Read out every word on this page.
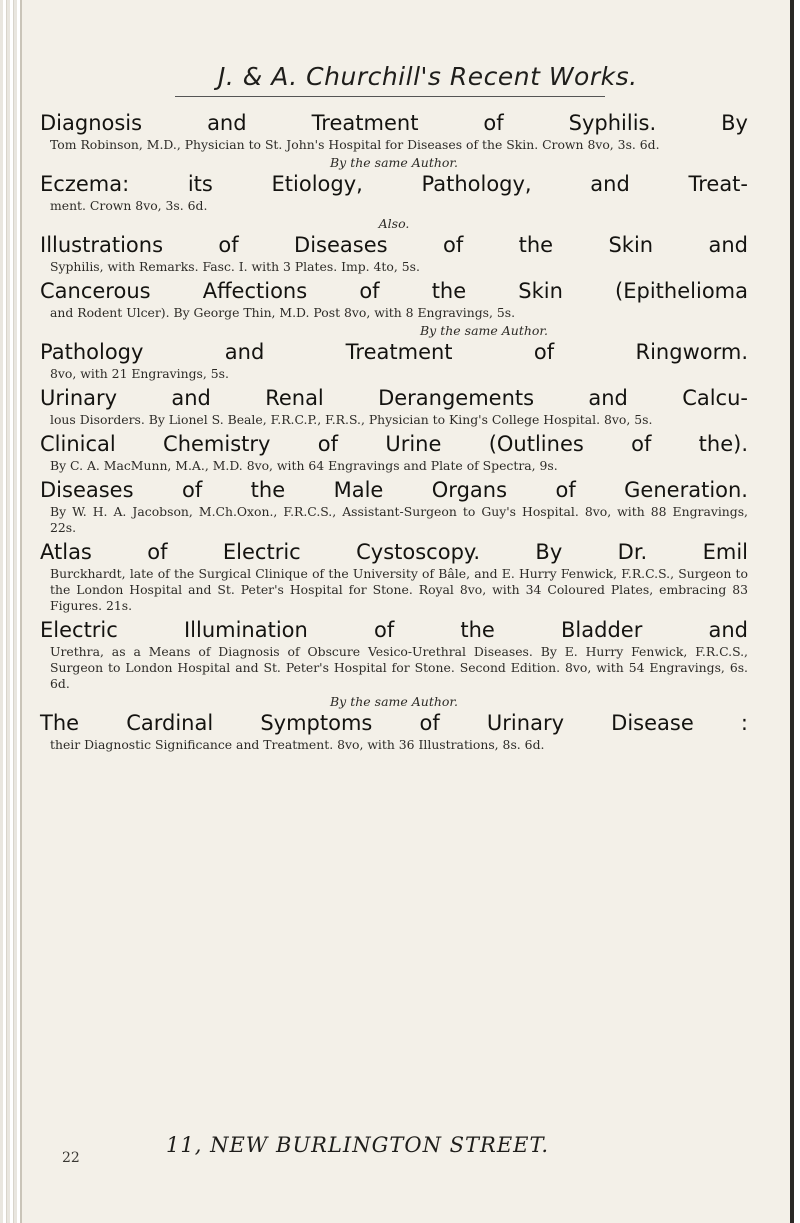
J. & A. Churchill's Recent Works.

Diagnosis and Treatment of Syphilis. By

Tom Robinson, M.D., Physician to St. John's Hospital for Diseases of the Skin. Crown 8vo, 3s. 6d.

By the same Author.

Eczema: its Etiology, Pathology, and Treat-

ment. Crown 8vo, 3s. 6d.

Also.

Illustrations of Diseases of the Skin and

Syphilis, with Remarks. Fasc. I. with 3 Plates. Imp. 4to, 5s.

Cancerous Affections of the Skin (Epithelioma

and Rodent Ulcer). By George Thin, M.D. Post 8vo, with 8 Engravings, 5s.

By the same Author.

Pathology and Treatment of Ringworm.

8vo, with 21 Engravings, 5s.

Urinary and Renal Derangements and Calcu-

lous Disorders. By Lionel S. Beale, F.R.C.P., F.R.S., Physician to King's College Hospital. 8vo, 5s.

Clinical Chemistry of Urine (Outlines of the).

By C. A. MacMunn, M.A., M.D. 8vo, with 64 Engravings and Plate of Spectra, 9s.

Diseases of the Male Organs of Generation.

By W. H. A. Jacobson, M.Ch.Oxon., F.R.C.S., Assistant-Surgeon to Guy's Hospital. 8vo, with 88 Engravings, 22s.

Atlas of Electric Cystoscopy. By Dr. Emil

Burckhardt, late of the Surgical Clinique of the University of Bâle, and E. Hurry Fenwick, F.R.C.S., Surgeon to the London Hospital and St. Peter's Hospital for Stone. Royal 8vo, with 34 Coloured Plates, embracing 83 Figures. 21s.

Electric Illumination of the Bladder and

Urethra, as a Means of Diagnosis of Obscure Vesico-Urethral Diseases. By E. Hurry Fenwick, F.R.C.S., Surgeon to London Hospital and St. Peter's Hospital for Stone. Second Edition. 8vo, with 54 Engravings, 6s. 6d.

By the same Author.

The Cardinal Symptoms of Urinary Disease :

their Diagnostic Significance and Treatment. 8vo, with 36 Illustrations, 8s. 6d.

11, NEW BURLINGTON STREET.
22
